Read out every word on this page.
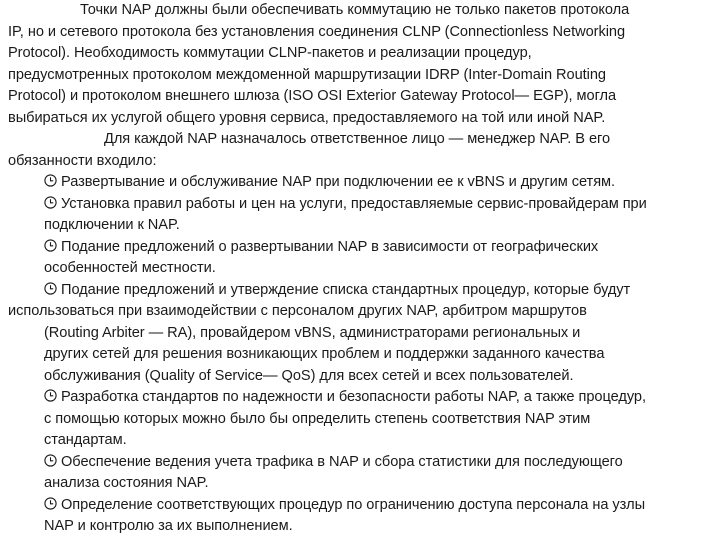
Точки NAP должны были обеспечивать коммутацию не только пакетов протокола
IP, но и сетевого протокола без установления соединения CLNP (Connectionless Networking
Protocol). Необходимость коммутации CLNP-пакетов и реализации процедур,
предусмотренных протоколом междоменной маршрутизации IDRP (Inter-Domain Routing
Protocol) и протоколом внешнего шлюза (ISO OSI Exterior Gateway Protocol— EGP), могла
выбираться их услугой общего уровня сервиса, предоставляемого на той или иной NAP.

Для каждой NAP назначалось ответственное лицо — менеджер NAP. В его
обязанности входило:

Развертывание и обслуживание NAP при подключении ее к vBNS и другим сетям.
Установка правил работы и цен на услуги, предоставляемые сервис-провайдерам при
подключении к NAP.
Подание предложений о развертывании NAP в зависимости от географических
особенностей местности.
Подание предложений и утверждение списка стандартных процедур, которые будут
использоваться при взаимодействии с персоналом других NAP, арбитром маршрутов
(Routing Arbiter — RA), провайдером vBNS, администраторами региональных и
других сетей для решения возникающих проблем и поддержки заданного качества
обслуживания (Quality of Service— QoS) для всех сетей и всех пользователей.
Разработка стандартов по надежности и безопасности работы NAP, а также процедур,
с помощью которых можно было бы определить степень соответствия NAP этим
стандартам.
Обеспечение ведения учета трафика в NAP и сбора статистики для последующего
анализа состояния NAP.
Определение соответствующих процедур по ограничению доступа персонала на узлы
NAP и контролю за их выполнением.
